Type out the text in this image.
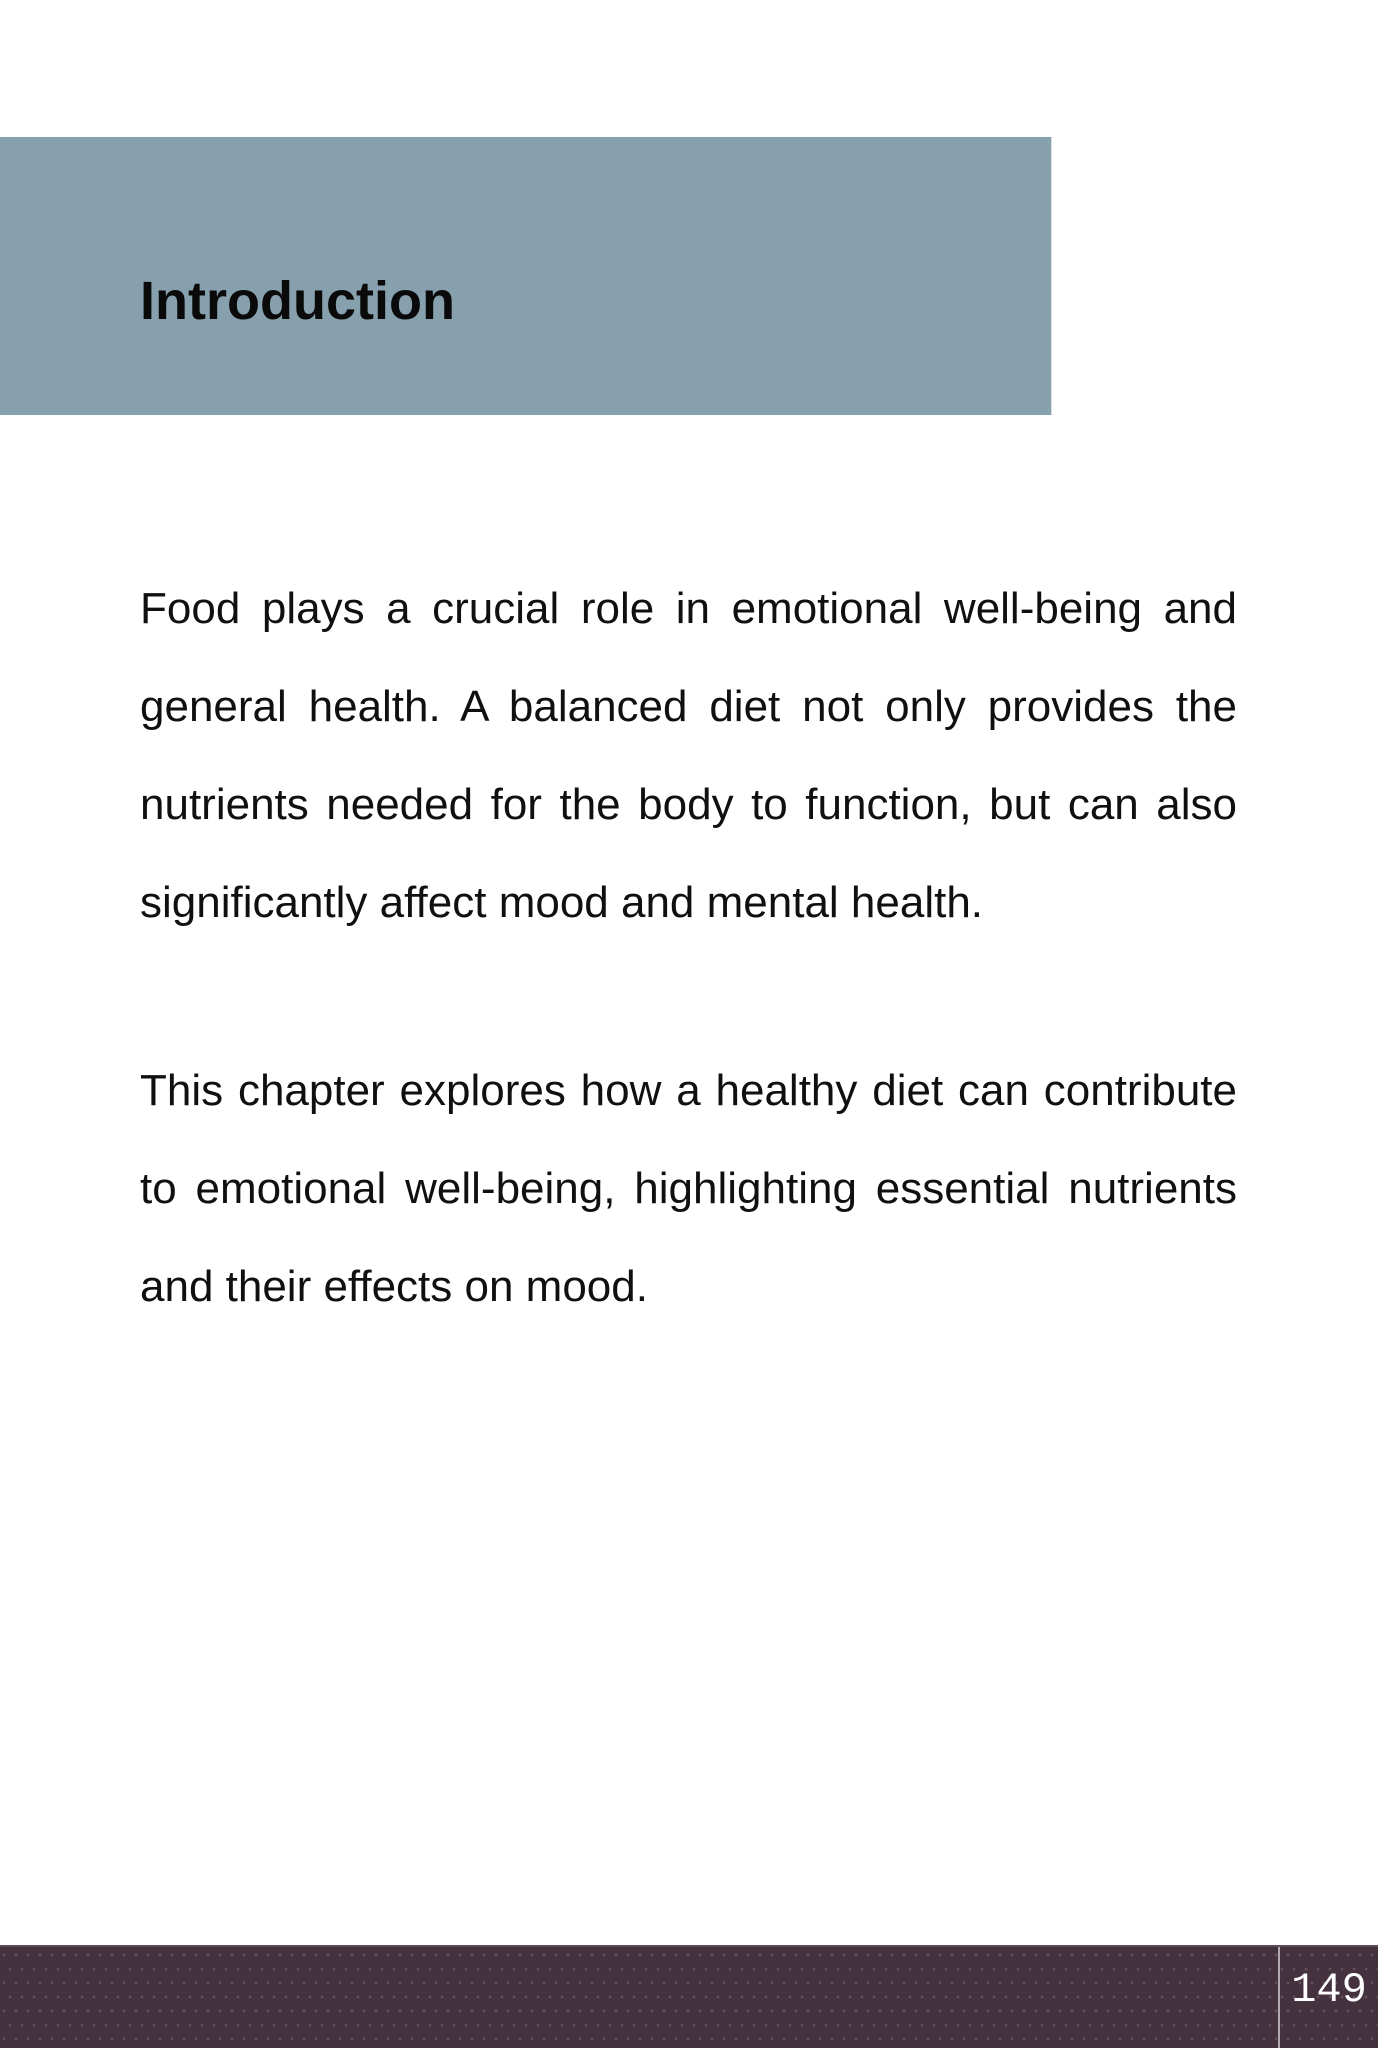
Introduction
Food plays a crucial role in emotional well-being and
general health. A balanced diet not only provides the
nutrients needed for the body to function, but can also
significantly affect mood and mental health.
This chapter explores how a healthy diet can contribute
to emotional well-being, highlighting essential nutrients
and their effects on mood.
149
